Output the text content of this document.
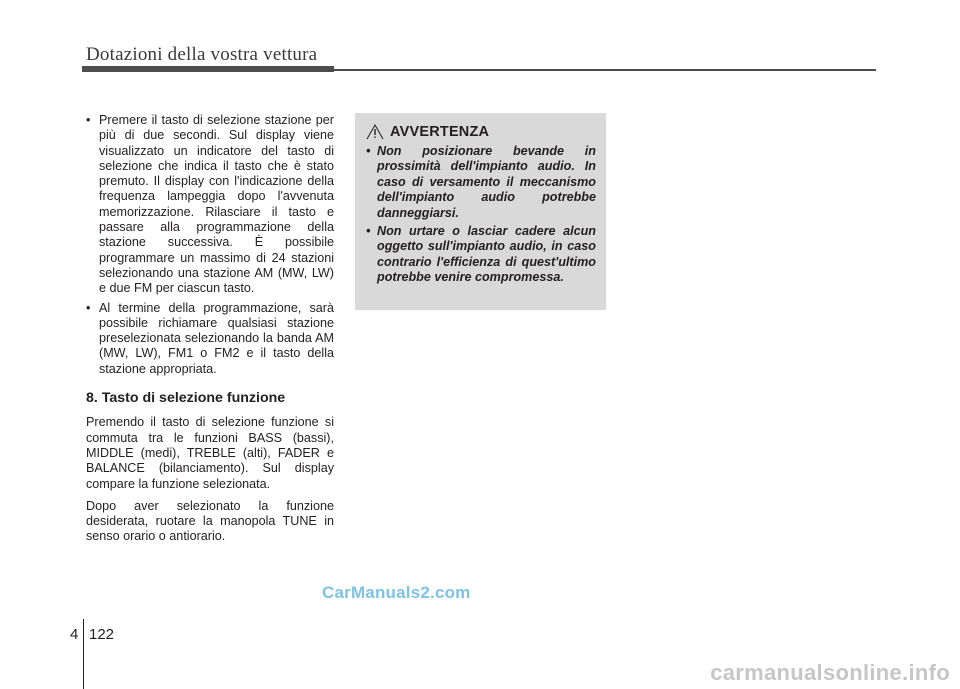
Dotazioni della vostra vettura
• Premere il tasto di selezione stazione per più di due secondi. Sul display viene visualizzato un indicatore del tasto di selezione che indica il tasto che è stato premuto. Il display con l'indicazione della frequenza lampeggia dopo l'avvenuta memorizzazione. Rilasciare il tasto e passare alla programmazione della stazione successiva. È possibile programmare un massimo di 24 stazioni selezionando una stazione AM (MW, LW) e due FM per ciascun tasto.
• Al termine della programmazione, sarà possibile richiamare qualsiasi stazione preselezionata selezionando la banda AM (MW, LW), FM1 o FM2 e il tasto della stazione appropriata.
8. Tasto di selezione funzione

Premendo il tasto di selezione funzione si commuta tra le funzioni BASS (bassi), MIDDLE (medi), TREBLE (alti), FADER e BALANCE (bilanciamento). Sul display compare la funzione selezionata.

Dopo aver selezionato la funzione desiderata, ruotare la manopola TUNE in senso orario o antiorario.

AVVERTENZA
• Non posizionare bevande in prossimità dell'impianto audio. In caso di versamento il meccanismo dell'impianto audio potrebbe danneggiarsi.
• Non urtare o lasciar cadere alcun oggetto sull'impianto audio, in caso contrario l'efficienza di quest'ultimo potrebbe venire compromessa.
CarManuals2.com
4 122
carmanualsonline.info
